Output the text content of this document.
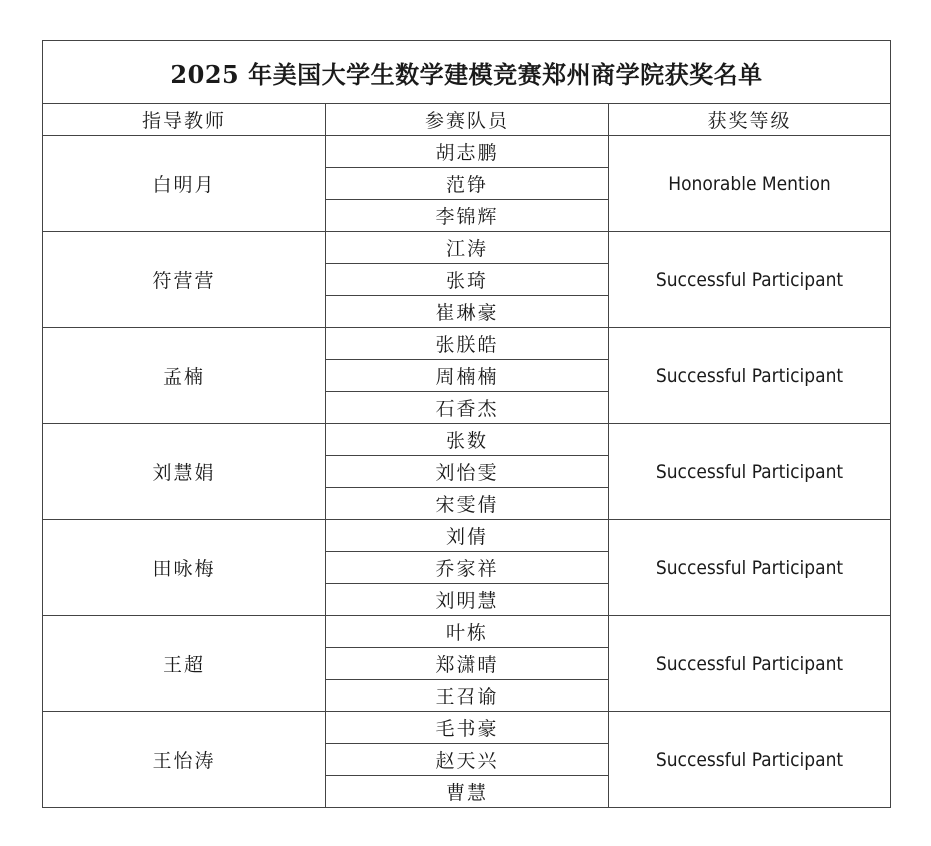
2025 年美国大学生数学建模竞赛郑州商学院获奖名单		
指导教师	参赛队员	获奖等级
白明月	胡志鹏	Honorable Mention
	范铮	
	李锦辉	
符营营	江涛	Successful Participant
	张琦	
	崔琳豪	
孟楠	张朕皓	Successful Participant
	周楠楠	
	石香杰	
刘慧娟	张数	Successful Participant
	刘怡雯	
	宋雯倩	
田咏梅	刘倩	Successful Participant
	乔家祥	
	刘明慧	
王超	叶栋	Successful Participant
	郑潇晴	
	王召谕	
王怡涛	毛书豪	Successful Participant
	赵天兴	
	曹慧	
